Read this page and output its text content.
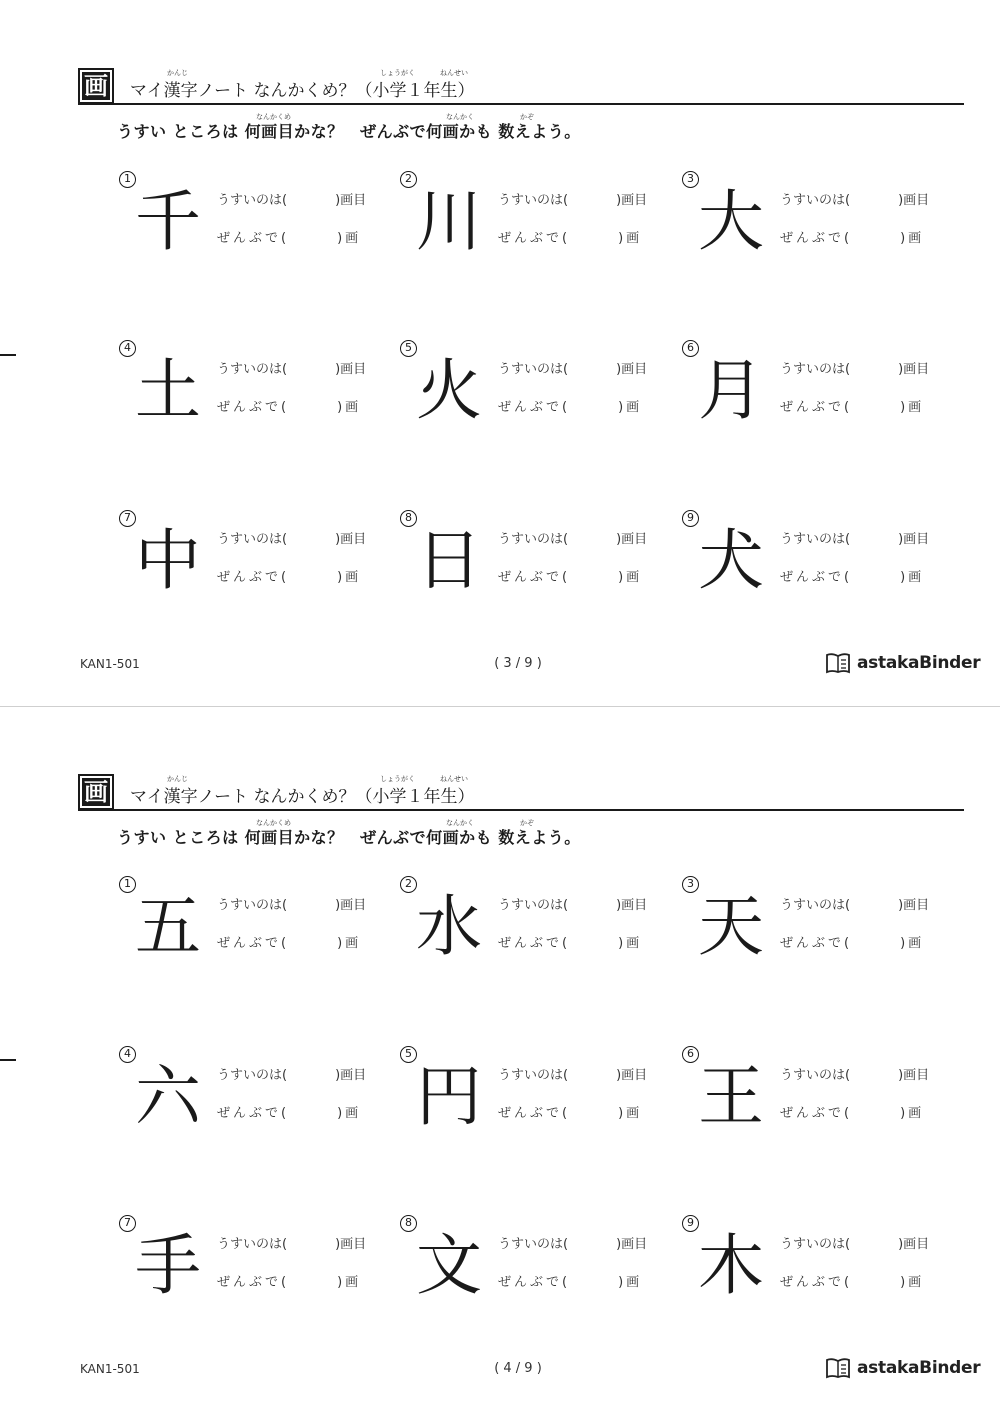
画	かんじ	しょうがく	ねんせい
マイ漢字ノート なんかくめ？（小学１年生）
なんかくめ	なんかく	かぞ
うすい ところは 何画目かな？　ぜんぶで何画かも 数えよう。
1
千	うすいのは(	)画目
ぜんぶで(	)画
2
川	うすいのは(	)画目
ぜんぶで(	)画
3
大	うすいのは(	)画目
ぜんぶで(	)画
4
土	うすいのは(	)画目
ぜんぶで(	)画
5
火	うすいのは(	)画目
ぜんぶで(	)画
6
月	うすいのは(	)画目
ぜんぶで(	)画
7
中	うすいのは(	)画目
ぜんぶで(	)画
8
日	うすいのは(	)画目
ぜんぶで(	)画
9
犬	うすいのは(	)画目
ぜんぶで(	)画
KAN1-501	( 3 / 9 )	astakaBinder
画	かんじ	しょうがく	ねんせい
マイ漢字ノート なんかくめ？（小学１年生）
なんかくめ	なんかく	かぞ
うすい ところは 何画目かな？　ぜんぶで何画かも 数えよう。
1
五	うすいのは(	)画目
ぜんぶで(	)画
2
水	うすいのは(	)画目
ぜんぶで(	)画
3
天	うすいのは(	)画目
ぜんぶで(	)画
4
六	うすいのは(	)画目
ぜんぶで(	)画
5
円	うすいのは(	)画目
ぜんぶで(	)画
6
王	うすいのは(	)画目
ぜんぶで(	)画
7
手	うすいのは(	)画目
ぜんぶで(	)画
8
文	うすいのは(	)画目
ぜんぶで(	)画
9
木	うすいのは(	)画目
ぜんぶで(	)画
KAN1-501	( 4 / 9 )	astakaBinder
